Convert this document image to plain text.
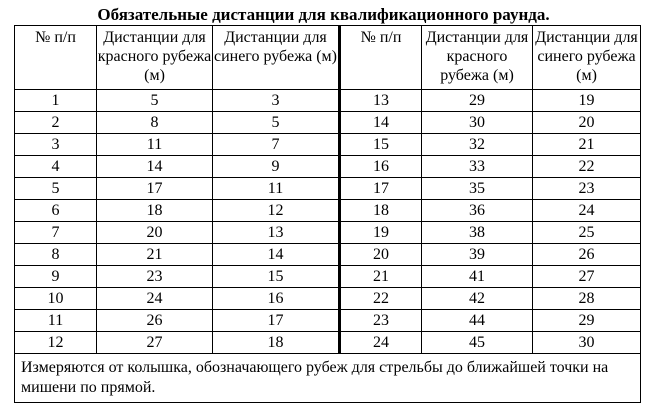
Обязательные дистанции для квалификационного раунда.
№ п/п	Дистанции для красного рубежа (м)	Дистанции для синего рубежа (м)	№ п/п	Дистанции для красного рубежа (м)	Дистанции для синего рубежа (м)
1	5	3	13	29	19
2	8	5	14	30	20
3	11	7	15	32	21
4	14	9	16	33	22
5	17	11	17	35	23
6	18	12	18	36	24
7	20	13	19	38	25
8	21	14	20	39	26
9	23	15	21	41	27
10	24	16	22	42	28
11	26	17	23	44	29
12	27	18	24	45	30
Измеряются от колышка, обозначающего рубеж для стрельбы до ближайшей точки на мишени по прямой.					
